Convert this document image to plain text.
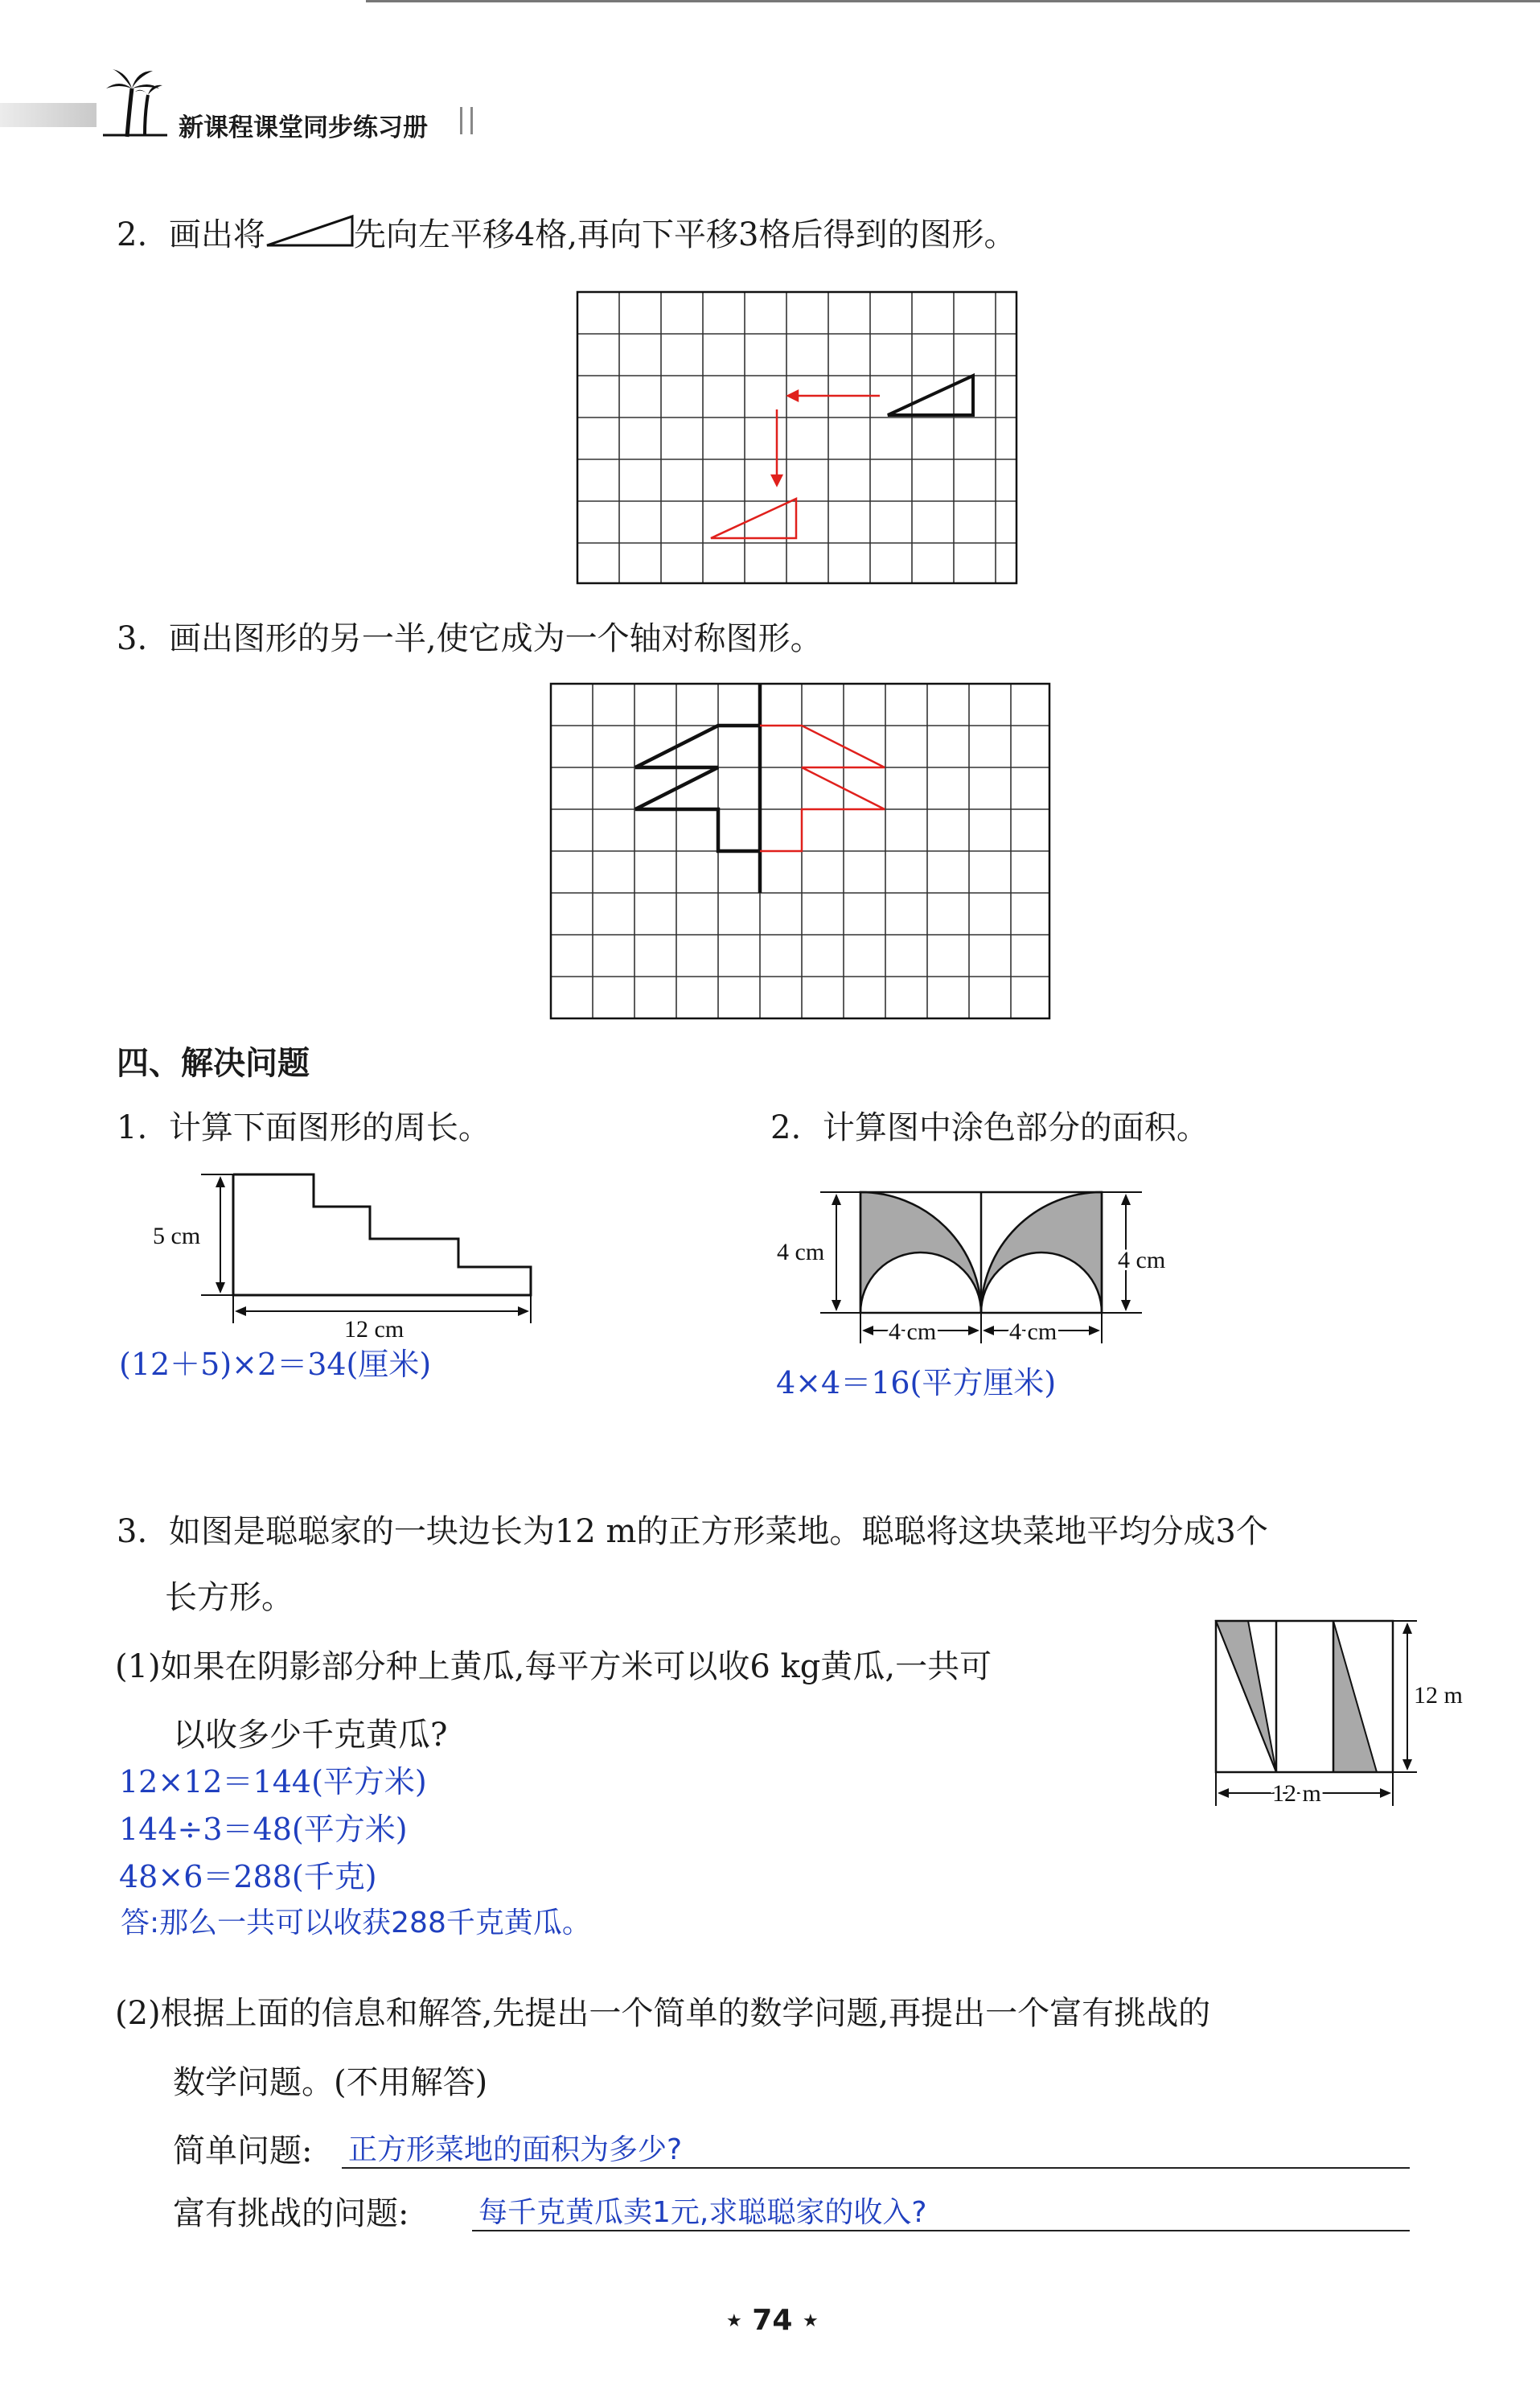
新课程课堂同步练习册
2. 画出将	先向左平移4格,再向下平移3格后得到的图形。
3. 画出图形的另一半,使它成为一个轴对称图形。
四、解决问题
1. 计算下面图形的周长。
5 cm
12 cm
(12＋5)×2＝34(厘米)
2. 计算图中涂色部分的面积。
4 cm	4 cm
4 cm	4 cm
4×4＝16(平方厘米)
3. 如图是聪聪家的一块边长为12 m的正方形菜地。聪聪将这块菜地平均分成3个
长方形。
(1)如果在阴影部分种上黄瓜,每平方米可以收6 kg黄瓜,一共可
以收多少千克黄瓜?
12 m
12 m
12×12＝144(平方米)
144÷3＝48(平方米)
48×6＝288(千克)
答:那么一共可以收获288千克黄瓜。
(2)根据上面的信息和解答,先提出一个简单的数学问题,再提出一个富有挑战的
数学问题。(不用解答)
简单问题: 正方形菜地的面积为多少?
富有挑战的问题: 每千克黄瓜卖1元,求聪聪家的收入?
★ 74 ★
